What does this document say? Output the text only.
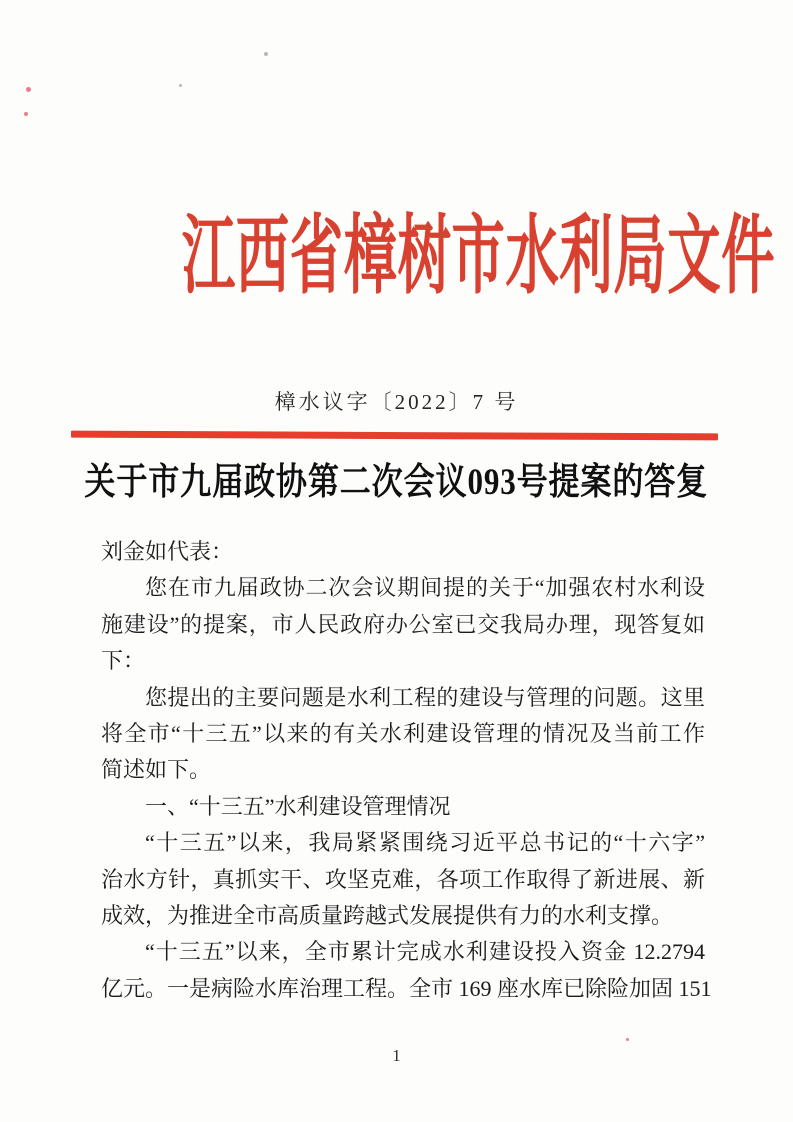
江西省樟树市水利局文件
樟水议字〔2022〕7 号
关于市九届政协第二次会议093号提案的答复
刘金如代表：
您在市九届政协二次会议期间提的关于“加强农村水利设
施建设”的提案，市人民政府办公室已交我局办理，现答复如
下：
您提出的主要问题是水利工程的建设与管理的问题。这里
将全市“十三五”以来的有关水利建设管理的情况及当前工作
简述如下。
一、“十三五”水利建设管理情况
“十三五”以来，我局紧紧围绕习近平总书记的“十六字”
治水方针，真抓实干、攻坚克难，各项工作取得了新进展、新
成效，为推进全市高质量跨越式发展提供有力的水利支撑。
“十三五”以来，全市累计完成水利建设投入资金 12.2794
亿元。一是病险水库治理工程。全市 169 座水库已除险加固 151
1
